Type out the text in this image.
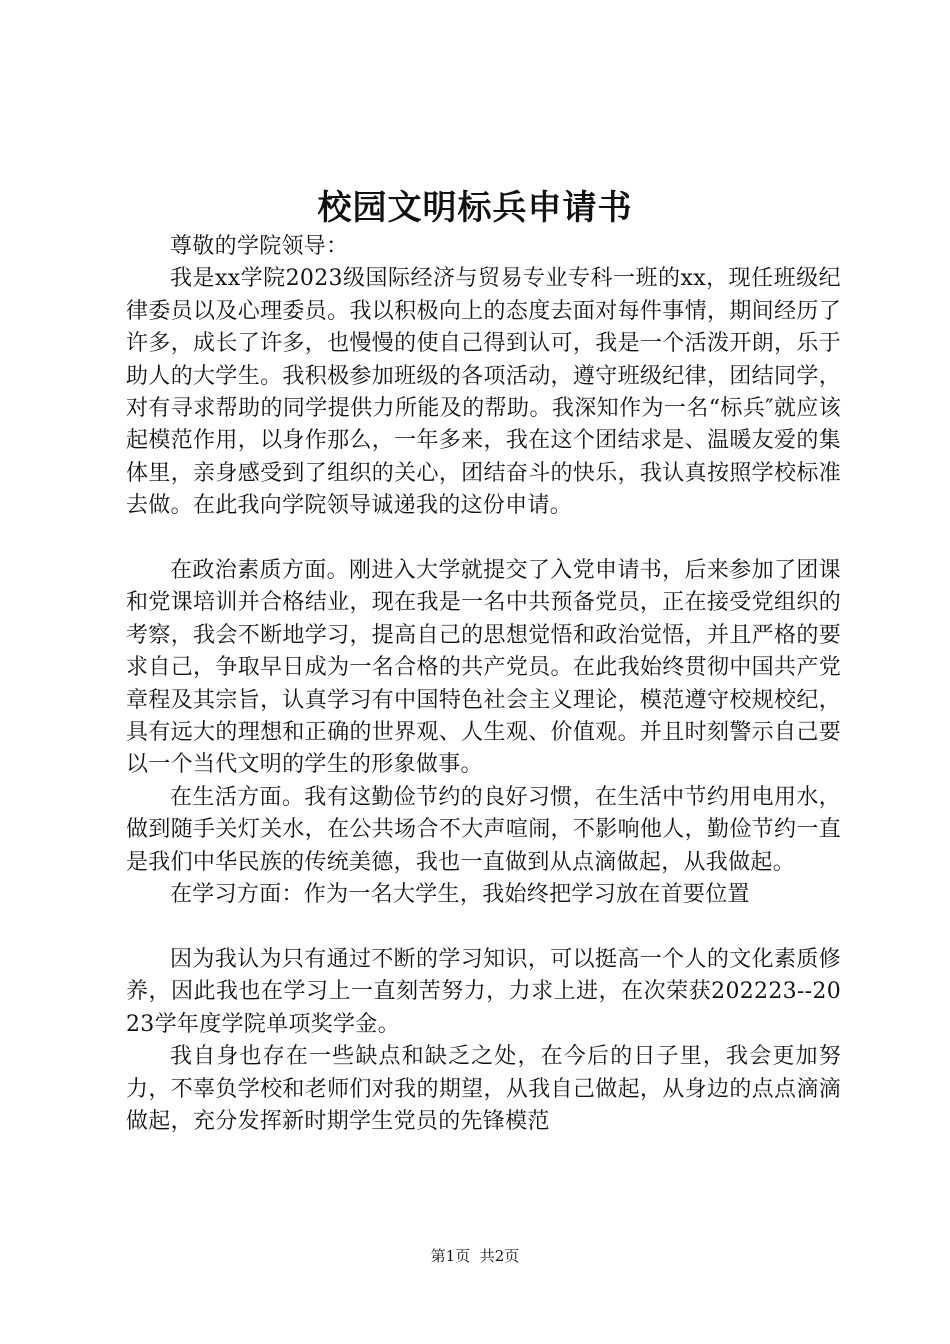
校园文明标兵申请书

尊敬的学院领导：

我是xx学院2023级国际经济与贸易专业专科一班的xx，现任班级纪律委员以及心理委员。我以积极向上的态度去面对每件事情，期间经历了许多，成长了许多，也慢慢的使自己得到认可，我是一个活泼开朗，乐于助人的大学生。我积极参加班级的各项活动，遵守班级纪律，团结同学，对有寻求帮助的同学提供力所能及的帮助。我深知作为一名“标兵″就应该起模范作用，以身作那么，一年多来，我在这个团结求是、温暖友爱的集体里，亲身感受到了组织的关心，团结奋斗的快乐，我认真按照学校标准去做。在此我向学院领导诚递我的这份申请。

在政治素质方面。刚进入大学就提交了入党申请书，后来参加了团课和党课培训并合格结业，现在我是一名中共预备党员，正在接受党组织的考察，我会不断地学习，提高自己的思想觉悟和政治觉悟，并且严格的要求自己，争取早日成为一名合格的共产党员。在此我始终贯彻中国共产党章程及其宗旨，认真学习有中国特色社会主义理论，模范遵守校规校纪，具有远大的理想和正确的世界观、人生观、价值观。并且时刻警示自己要以一个当代文明的学生的形象做事。

在生活方面。我有这勤俭节约的良好习惯，在生活中节约用电用水，做到随手关灯关水，在公共场合不大声喧闹，不影响他人，勤俭节约一直是我们中华民族的传统美德，我也一直做到从点滴做起，从我做起。

在学习方面：作为一名大学生，我始终把学习放在首要位置

因为我认为只有通过不断的学习知识，可以挺高一个人的文化素质修养，因此我也在学习上一直刻苦努力，力求上进，在次荣获202223--2023学年度学院单项奖学金。

我自身也存在一些缺点和缺乏之处，在今后的日子里，我会更加努力，不辜负学校和老师们对我的期望，从我自己做起，从身边的点点滴滴做起，充分发挥新时期学生党员的先锋模范

第1页 共2页
